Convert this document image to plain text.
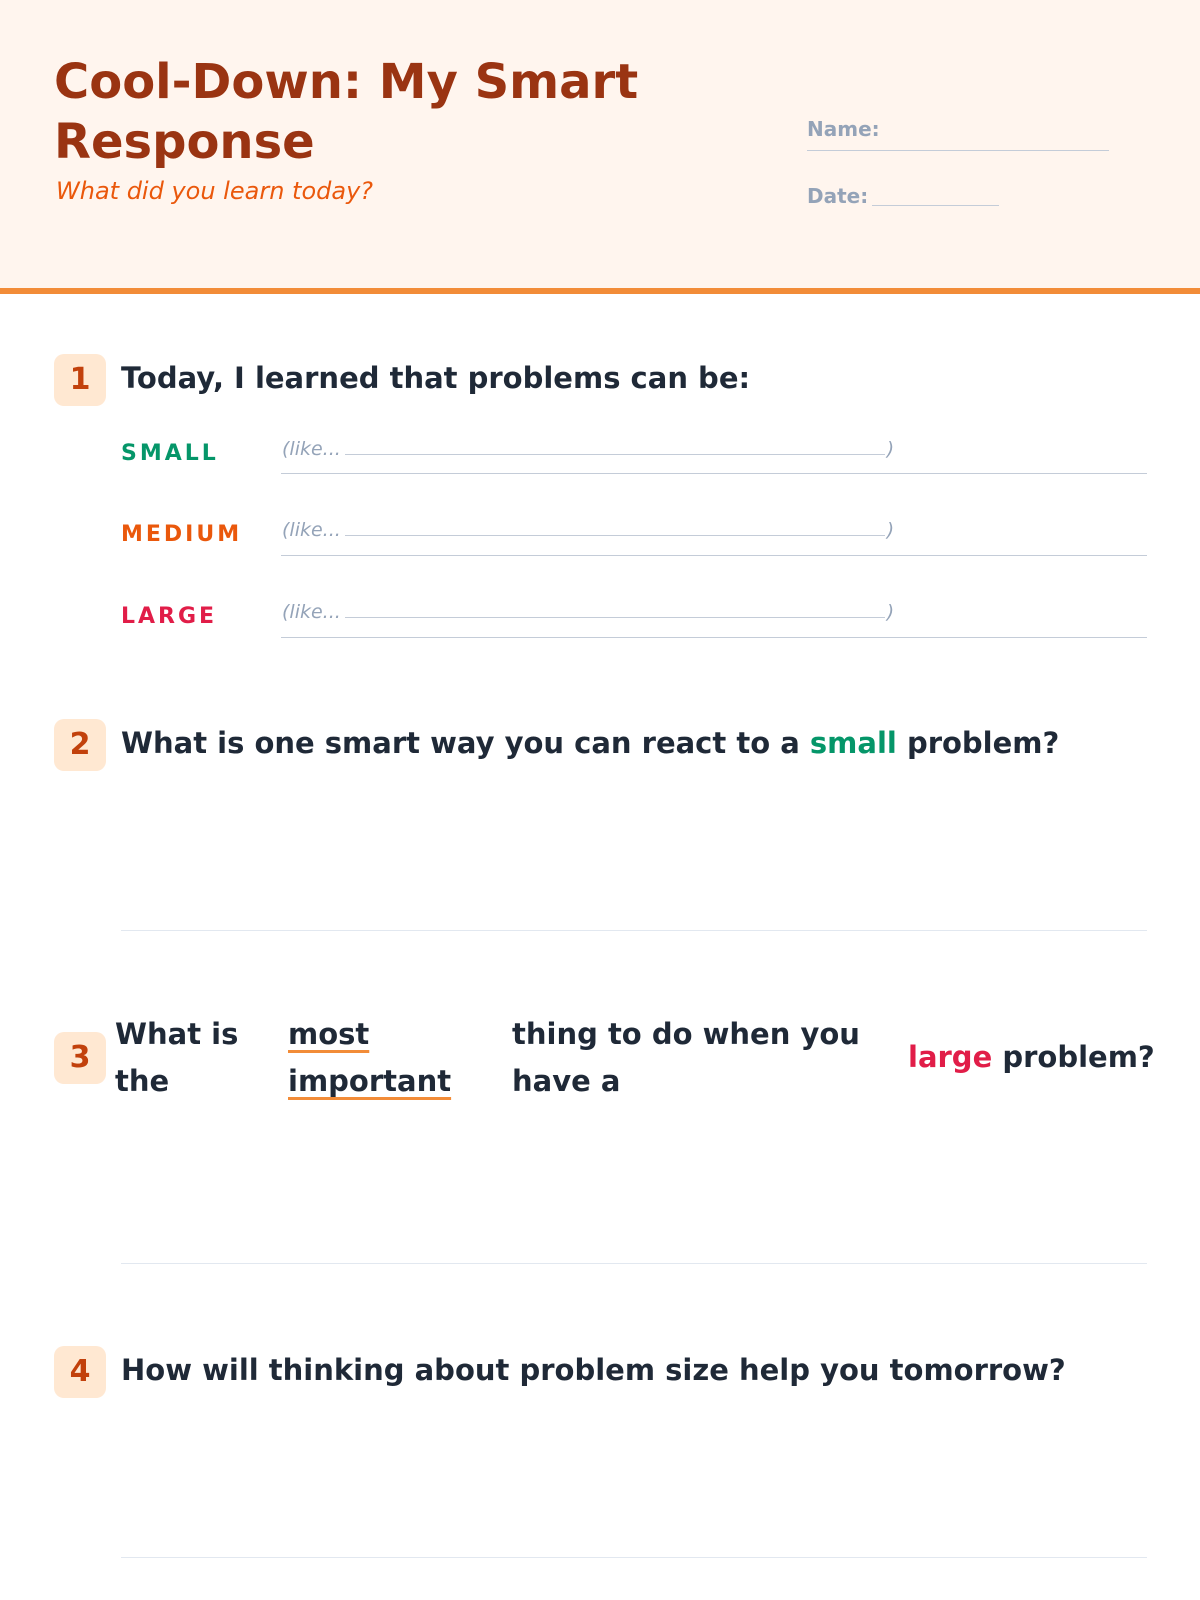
Cool-Down: My Smart Response
What did you learn today?
Name:
Date:
1	Today, I learned that problems can be:
SMALL	(like...	)
MEDIUM (like...	)
LARGE	(like...	)
2	What is one smart way you can react to a small problem?
3
What is
the
most
important
thing to do when you
have a
large problem?
4	How will thinking about problem size help you tomorrow?
